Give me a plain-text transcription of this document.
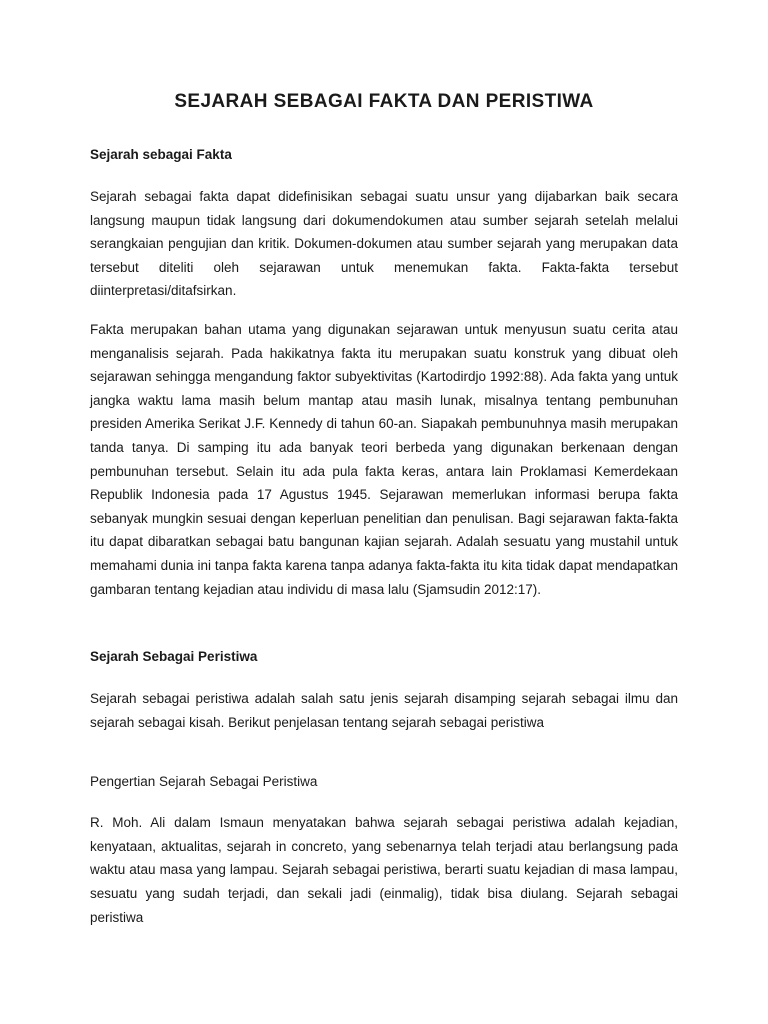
SEJARAH SEBAGAI FAKTA DAN PERISTIWA
Sejarah sebagai Fakta

Sejarah sebagai fakta dapat didefinisikan sebagai suatu unsur yang dijabarkan baik secara langsung maupun tidak langsung dari dokumendokumen atau sumber sejarah setelah melalui serangkaian pengujian dan kritik. Dokumen-dokumen atau sumber sejarah yang merupakan data tersebut diteliti oleh sejarawan untuk menemukan fakta. Fakta-fakta tersebut diinterpretasi/ditafsirkan.

Fakta merupakan bahan utama yang digunakan sejarawan untuk menyusun suatu cerita atau menganalisis sejarah. Pada hakikatnya fakta itu merupakan suatu konstruk yang dibuat oleh sejarawan sehingga mengandung faktor subyektivitas (Kartodirdjo 1992:88). Ada fakta yang untuk jangka waktu lama masih belum mantap atau masih lunak, misalnya tentang pembunuhan presiden Amerika Serikat J.F. Kennedy di tahun 60-an. Siapakah pembunuhnya masih merupakan tanda tanya. Di samping itu ada banyak teori berbeda yang digunakan berkenaan dengan pembunuhan tersebut. Selain itu ada pula fakta keras, antara lain Proklamasi Kemerdekaan Republik Indonesia pada 17 Agustus 1945. Sejarawan memerlukan informasi berupa fakta sebanyak mungkin sesuai dengan keperluan penelitian dan penulisan. Bagi sejarawan fakta-fakta itu dapat dibaratkan sebagai batu bangunan kajian sejarah. Adalah sesuatu yang mustahil untuk memahami dunia ini tanpa fakta karena tanpa adanya fakta-fakta itu kita tidak dapat mendapatkan gambaran tentang kejadian atau individu di masa lalu (Sjamsudin 2012:17).

Sejarah Sebagai Peristiwa

Sejarah sebagai peristiwa adalah salah satu jenis sejarah disamping sejarah sebagai ilmu dan sejarah sebagai kisah. Berikut penjelasan tentang sejarah sebagai peristiwa

Pengertian Sejarah Sebagai Peristiwa

R. Moh. Ali dalam Ismaun menyatakan bahwa sejarah sebagai peristiwa adalah kejadian, kenyataan, aktualitas, sejarah in concreto, yang sebenarnya telah terjadi atau berlangsung pada waktu atau masa yang lampau. Sejarah sebagai peristiwa, berarti suatu kejadian di masa lampau, sesuatu yang sudah terjadi, dan sekali jadi (einmalig), tidak bisa diulang. Sejarah sebagai peristiwa
